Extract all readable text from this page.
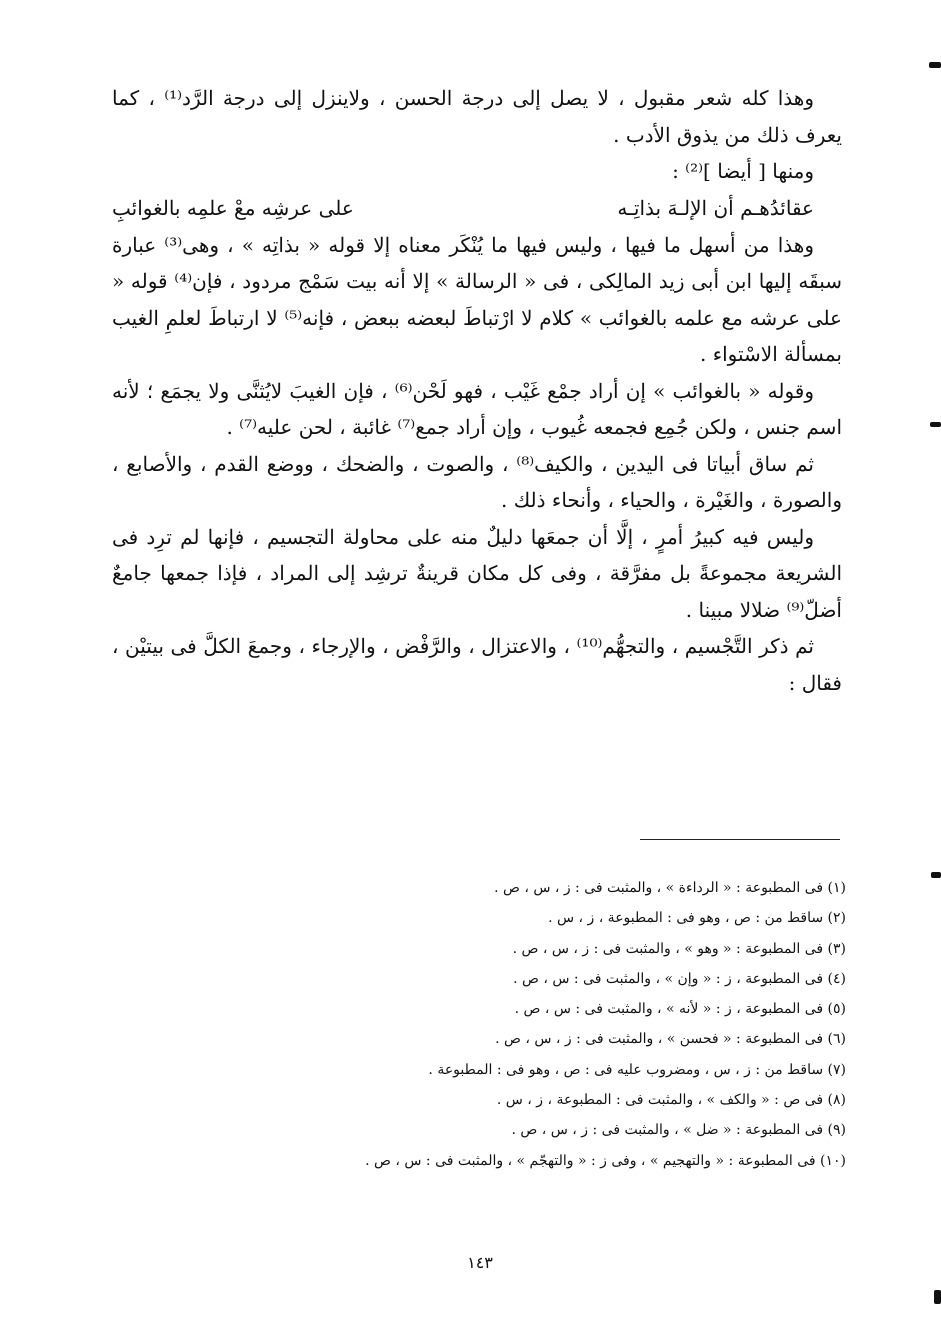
وهذا كله شعر مقبول ، لا يصل إلى درجة الحسن ، ولاينزل إلى درجة الرَّد⁽¹⁾ ، كما يعرف ذلك من يذوق الأدب .

ومنها [ أيضا ]⁽²⁾ :

عقائدُهـم أن الإلـهَ بذاتِـه
على عرشِه معْ علمِه بالغوائبِ

وهذا من أسهل ما فيها ، وليس فيها ما يُنْكَر معناه إلا قوله « بذاتِه » ، وهى⁽³⁾ عبارة سبقَه إليها ابن أبى زيد المالِكى ، فى « الرسالة » إلا أنه بيت سَمْج مردود ، فإن⁽⁴⁾ قوله « على عرشه مع علمه بالغوائب » كلام لا ارْتباطَ لبعضه ببعض ، فإنه⁽⁵⁾ لا ارتباطَ لعلمِ الغيب بمسألة الاسْتواء .

وقوله « بالغوائب » إن أراد جمْع غَيْب ، فهو لَحْن⁽⁶⁾ ، فإن الغيبَ لايُثنَّى ولا يجمَع ؛ لأنه اسم جنس ، ولكن جُمِع فجمعه غُيوب ، وإن أراد جمع⁽⁷⁾ غائبة ، لحن عليه⁽⁷⁾ .

ثم ساق أبياتا فى اليدين ، والكيف⁽⁸⁾ ، والصوت ، والضحك ، ووضع القدم ، والأصابع ، والصورة ، والغَيْرة ، والحياء ، وأنحاء ذلك .

وليس فيه كبيرُ أمرٍ ، إلَّا أن جمعَها دليلٌ منه على محاولة التجسيم ، فإنها لم ترِد فى الشريعة مجموعةً بل مفرَّقة ، وفى كل مكان قرينةٌ ترشِد إلى المراد ، فإذا جمعها جامعٌ أضلّ⁽⁹⁾ ضلالا مبينا .

ثم ذكر التَّجْسيم ، والتجهُّم⁽¹⁰⁾ ، والاعتزال ، والرَّفْض ، والإرجاء ، وجمعَ الكلَّ فى بيتيْن ، فقال :

(١) فى المطبوعة : « الرداءة » ، والمثبت فى : ز ، س ، ص .
(٢) ساقط من : ص ، وهو فى : المطبوعة ، ز ، س .
(٣) فى المطبوعة : « وهو » ، والمثبت فى : ز ، س ، ص .
(٤) فى المطبوعة ، ز : « وإن » ، والمثبت فى : س ، ص .
(٥) فى المطبوعة ، ز : « لأنه » ، والمثبت فى : س ، ص .
(٦) فى المطبوعة : « فحسن » ، والمثبت فى : ز ، س ، ص .
(٧) ساقط من : ز ، س ، ومضروب عليه فى : ص ، وهو فى : المطبوعة .
(٨) فى ص : « والكف » ، والمثبت فى : المطبوعة ، ز ، س .
(٩) فى المطبوعة : « ضل » ، والمثبت فى : ز ، س ، ص .
(١٠) فى المطبوعة : « والتهجيم » ، وفى ز : « والتهجّم » ، والمثبت فى : س ، ص .
١٤٣
